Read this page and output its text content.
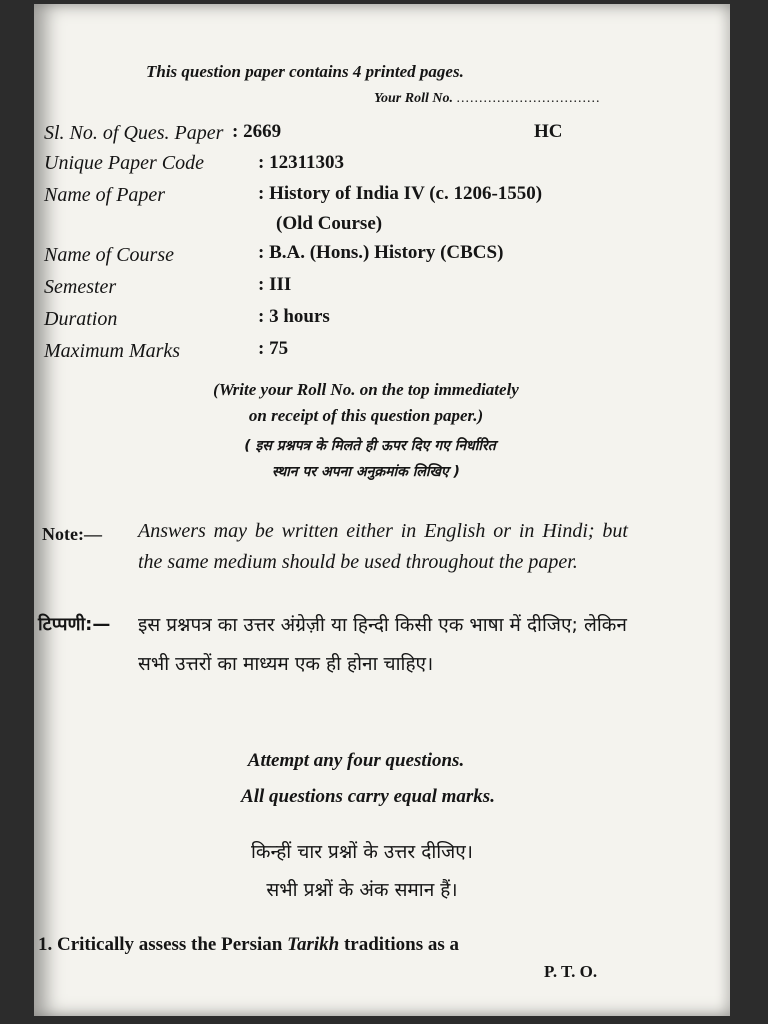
This question paper contains 4 printed pages.
Your Roll No. ................................
Sl. No. of Ques. Paper : 2669	HC
Unique Paper Code	: 12311303
Name of Paper	: History of India IV (c. 1206-1550)
(Old Course)
Name of Course	: B.A. (Hons.) History (CBCS)
Semester	: III
Duration	: 3 hours
Maximum Marks	: 75
(Write your Roll No. on the top immediately
on receipt of this question paper.)
( इस प्रश्नपत्र के मिलते ही ऊपर दिए गए निर्धारित
स्थान पर अपना अनुक्रमांक लिखिए )
Note:— Answers may be written either in English or in Hindi; but the same medium should be used throughout the paper.
टिप्पणी:— इस प्रश्नपत्र का उत्तर अंग्रेज़ी या हिन्दी किसी एक भाषा में दीजिए; लेकिन सभी उत्तरों का माध्यम एक ही होना चाहिए।
Attempt any four questions.
All questions carry equal marks.
किन्हीं चार प्रश्नों के उत्तर दीजिए।
सभी प्रश्नों के अंक समान हैं।
1. Critically assess the Persian Tarikh traditions as a
P. T. O.
